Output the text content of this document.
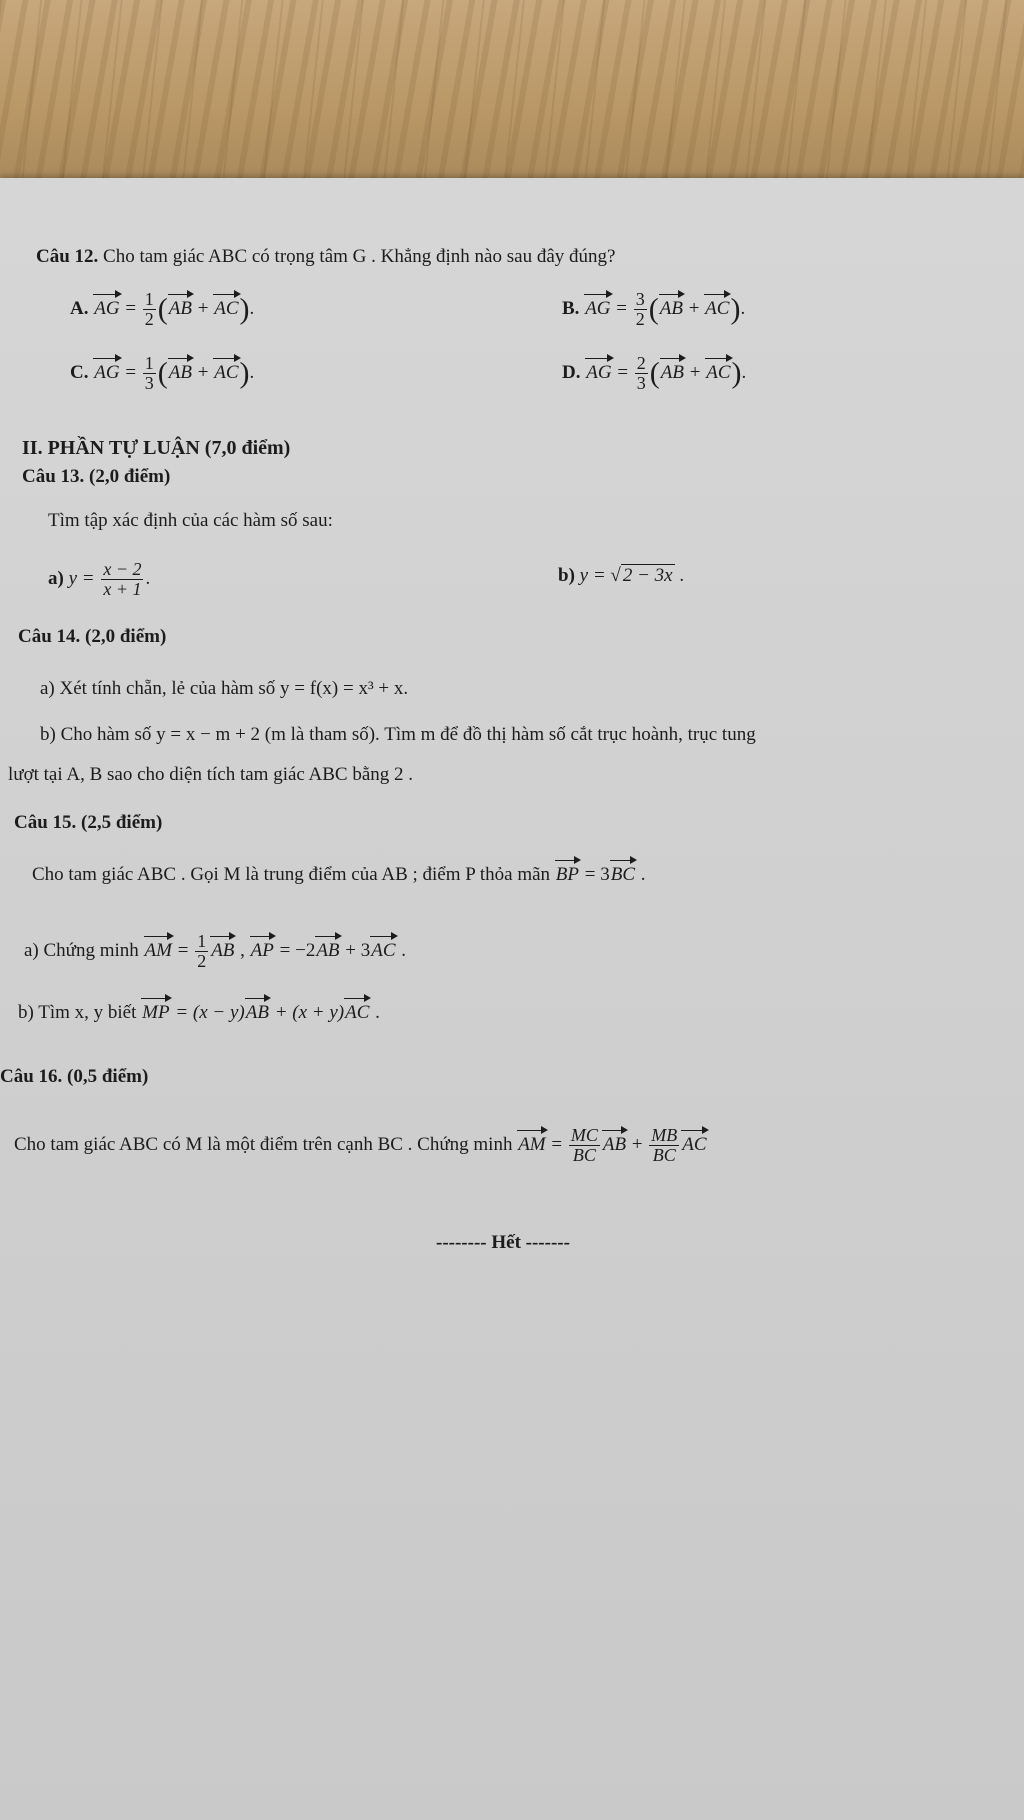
Câu 12. Cho tam giác ABC có trọng tâm G . Khẳng định nào sau đây đúng?
A. AG = $\frac{1}{2} (AB + AC)$.	B. AG = $\frac{3}{2} (AB + AC)$.
C. AG = $\frac{1}{3} (AB + AC)$.	D. AG = $\frac{2}{3} (AB + AC)$.
II. PHẦN TỰ LUẬN (7,0 điểm)
Câu 13. (2,0 điểm)
Tìm tập xác định của các hàm số sau:
a) $y = \frac{x - 2}{x + 1}$ .	b) y = √ 2 − 3x .
Câu 14. (2,0 điểm)
a) Xét tính chẵn, lẻ của hàm số y = f(x) = x³ + x.
b) Cho hàm số y = x − m + 2 (m là tham số). Tìm m để đồ thị hàm số cắt trục hoành, trục tung
lượt tại A, B sao cho diện tích tam giác ABC bằng 2 .
Câu 15. (2,5 điểm)
Cho tam giác ABC . Gọi M là trung điểm của AB ; điểm P thỏa mãn BP = 3BC .
a) Chứng minh AM = $\frac{1}{2}$ AB , AP = −2AB + 3AC .
b) Tìm x, y biết MP = (x − y)AB + (x + y)AC .
Câu 16. (0,5 điểm)
Cho tam giác ABC có M là một điểm trên cạnh BC . Chứng minh AM = $\frac{MC}{BC}$ AB + $\frac{MB}{BC}$ AC
-------- Hết -------
